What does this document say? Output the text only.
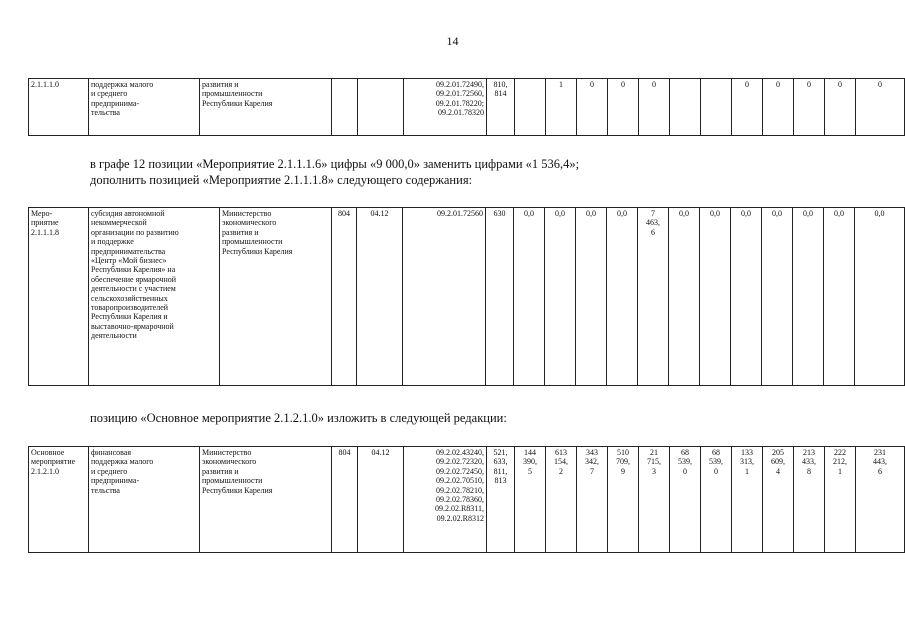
14
2.1.1.1.0	поддержка малого
и среднего
предпринима-
тельства	развития и
промышленности
Республики Карелия			09.2.01.72490,
09.2.01.72560,
09.2.01.78220;
09.2.01.78320	810,
814		1	0	0	0			0	0	0	0	0
в графе 12 позиции «Мероприятие 2.1.1.1.6» цифры «9 000,0» заменить цифрами «1 536,4»;
дополнить позицией «Мероприятие 2.1.1.1.8» следующего содержания:
Меро-
приятие
2.1.1.1.8	субсидия автономной
некоммерческой
организации по развитию
и поддержке
предпринимательства
«Центр «Мой бизнес»
Республики Карелия» на
обеспечение ярмарочной
деятельности с участием
сельскохозяйственных
товаропроизводителей
Республики Карелия и
выставочно-ярмарочной
деятельности	Министерство
экономического
развития и
промышленности
Республики Карелия	804	04.12	09.2.01.72560	630	0,0	0,0	0,0	0,0	7
463,
6	0,0	0,0	0,0	0,0	0,0	0,0	0,0
позицию «Основное мероприятие 2.1.2.1.0» изложить в следующей редакции:
Основное
мероприятие
2.1.2.1.0	финансовая
поддержка малого
и среднего
предпринима-
тельства	Министерство
экономического
развития и
промышленности
Республики Карелия	804	04.12	09.2.02.43240,
09.2.02.72320,
09.2.02.72450,
09.2.02.70510,
09.2.02.78210,
09.2.02.78360,
09.2.02.R8311,
09.2.02.R8312	521,
633,
811,
813	144
390,
5	613
154,
2	343
342,
7	510
709,
9	21
715,
3	68
539,
0	68
539,
0	133
313,
1	205
609,
4	213
433,
8	222
212,
1	231
443,
6
